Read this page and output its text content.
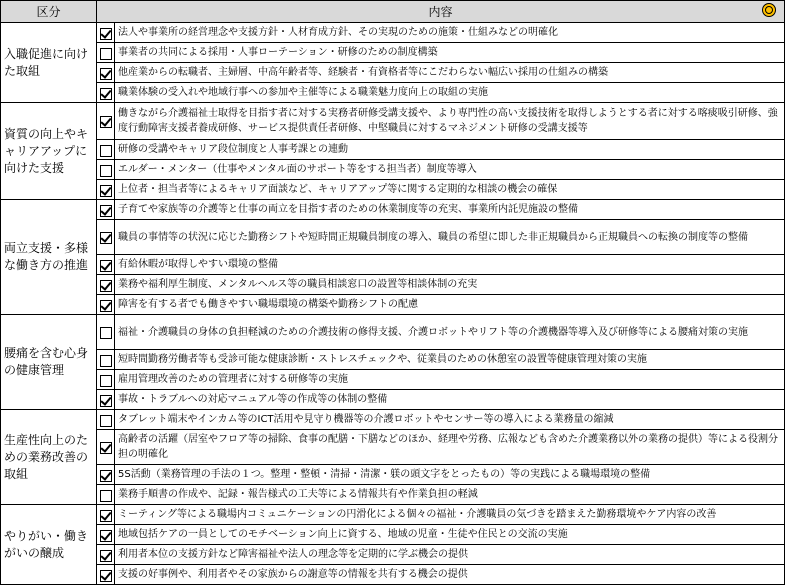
区分	内容	

入職促進に向けた取組		法人や事業所の経営理念や支援方針・人材育成方針、その実現のための施策・仕組みなどの明確化
		事業者の共同による採用・人事ローテーション・研修のための制度構築
		他産業からの転職者、主婦層、中高年齢者等、経験者・有資格者等にこだわらない幅広い採用の仕組みの構築
		職業体験の受入れや地域行事への参加や主催等による職業魅力度向上の取組の実施
資質の向上やキャリアアップに向けた支援		働きながら介護福祉士取得を目指す者に対する実務者研修受講支援や、より専門性の高い支援技術を取得しようとする者に対する喀痰吸引研修、強度行動障害支援者養成研修、サービス提供責任者研修、中堅職員に対するマネジメント研修の受講支援等
		研修の受講やキャリア段位制度と人事考課との連動
		エルダー・メンター（仕事やメンタル面のサポート等をする担当者）制度等導入
		上位者・担当者等によるキャリア面談など、キャリアアップ等に関する定期的な相談の機会の確保
両立支援・多様な働き方の推進		子育てや家族等の介護等と仕事の両立を目指す者のための休業制度等の充実、事業所内託児施設の整備
		職員の事情等の状況に応じた勤務シフトや短時間正規職員制度の導入、職員の希望に即した非正規職員から正規職員への転換の制度等の整備
		有給休暇が取得しやすい環境の整備
		業務や福利厚生制度、メンタルヘルス等の職員相談窓口の設置等相談体制の充実
		障害を有する者でも働きやすい職場環境の構築や勤務シフトの配慮
腰痛を含む心身の健康管理		福祉・介護職員の身体の負担軽減のための介護技術の修得支援、介護ロボットやリフト等の介護機器等導入及び研修等による腰痛対策の実施
		短時間勤務労働者等も受診可能な健康診断・ストレスチェックや、従業員のための休憩室の設置等健康管理対策の実施
		雇用管理改善のための管理者に対する研修等の実施
		事故・トラブルへの対応マニュアル等の作成等の体制の整備
生産性向上のための業務改善の取組		タブレット端末やインカム等のICT活用や見守り機器等の介護ロボットやセンサー等の導入による業務量の縮減
		高齢者の活躍（居室やフロア等の掃除、食事の配膳・下膳などのほか、経理や労務、広報なども含めた介護業務以外の業務の提供）等による役割分担の明確化
		5S活動（業務管理の手法の１つ。整理・整頓・清掃・清潔・躾の頭文字をとったもの）等の実践による職場環境の整備
		業務手順書の作成や、記録・報告様式の工夫等による情報共有や作業負担の軽減
やりがい・働きがいの醸成		ミーティング等による職場内コミュニケーションの円滑化による個々の福祉・介護職員の気づきを踏まえた勤務環境やケア内容の改善
		地域包括ケアの一員としてのモチベーション向上に資する、地域の児童・生徒や住民との交流の実施
		利用者本位の支援方針など障害福祉や法人の理念等を定期的に学ぶ機会の提供
		支援の好事例や、利用者やその家族からの謝意等の情報を共有する機会の提供
